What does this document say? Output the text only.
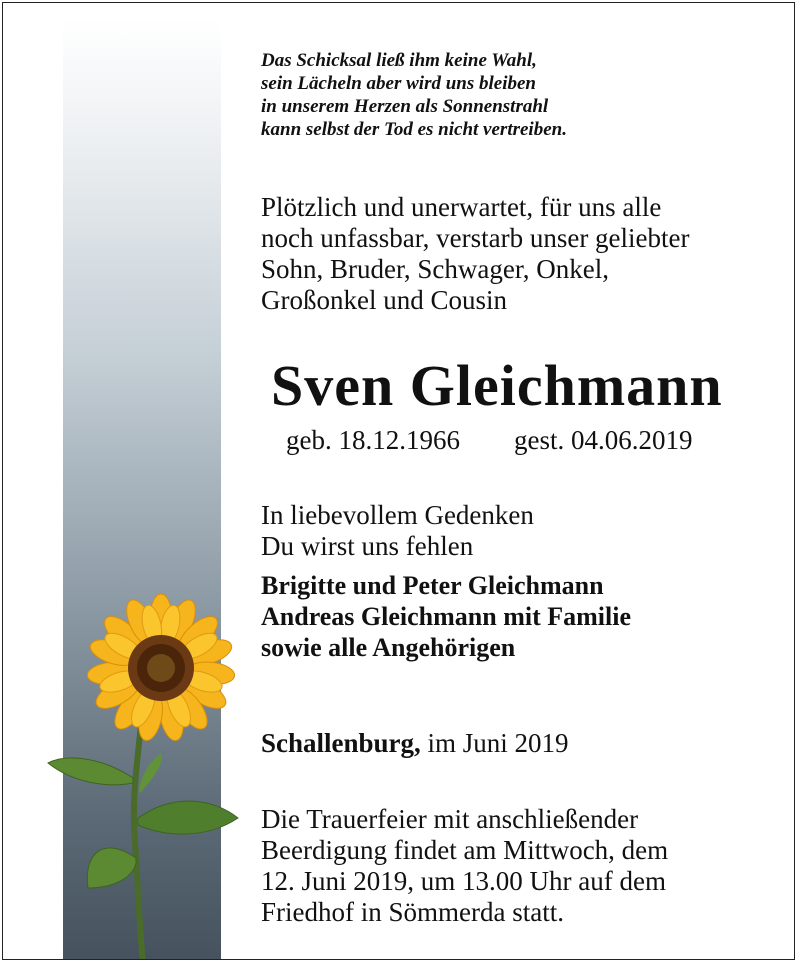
Das Schicksal ließ ihm keine Wahl,
sein Lächeln aber wird uns bleiben
in unserem Herzen als Sonnenstrahl
kann selbst der Tod es nicht vertreiben.
Plötzlich und unerwartet, für uns alle
noch unfassbar, verstarb unser geliebter
Sohn, Bruder, Schwager, Onkel,
Großonkel und Cousin
Sven Gleichmann
geb. 18.12.1966 gest. 04.06.2019
In liebevollem Gedenken
Du wirst uns fehlen
Brigitte und Peter Gleichmann
Andreas Gleichmann mit Familie
sowie alle Angehörigen
Schallenburg, im Juni 2019
Die Trauerfeier mit anschließender
Beerdigung findet am Mittwoch, dem
12. Juni 2019, um 13.00 Uhr auf dem
Friedhof in Sömmerda statt.
